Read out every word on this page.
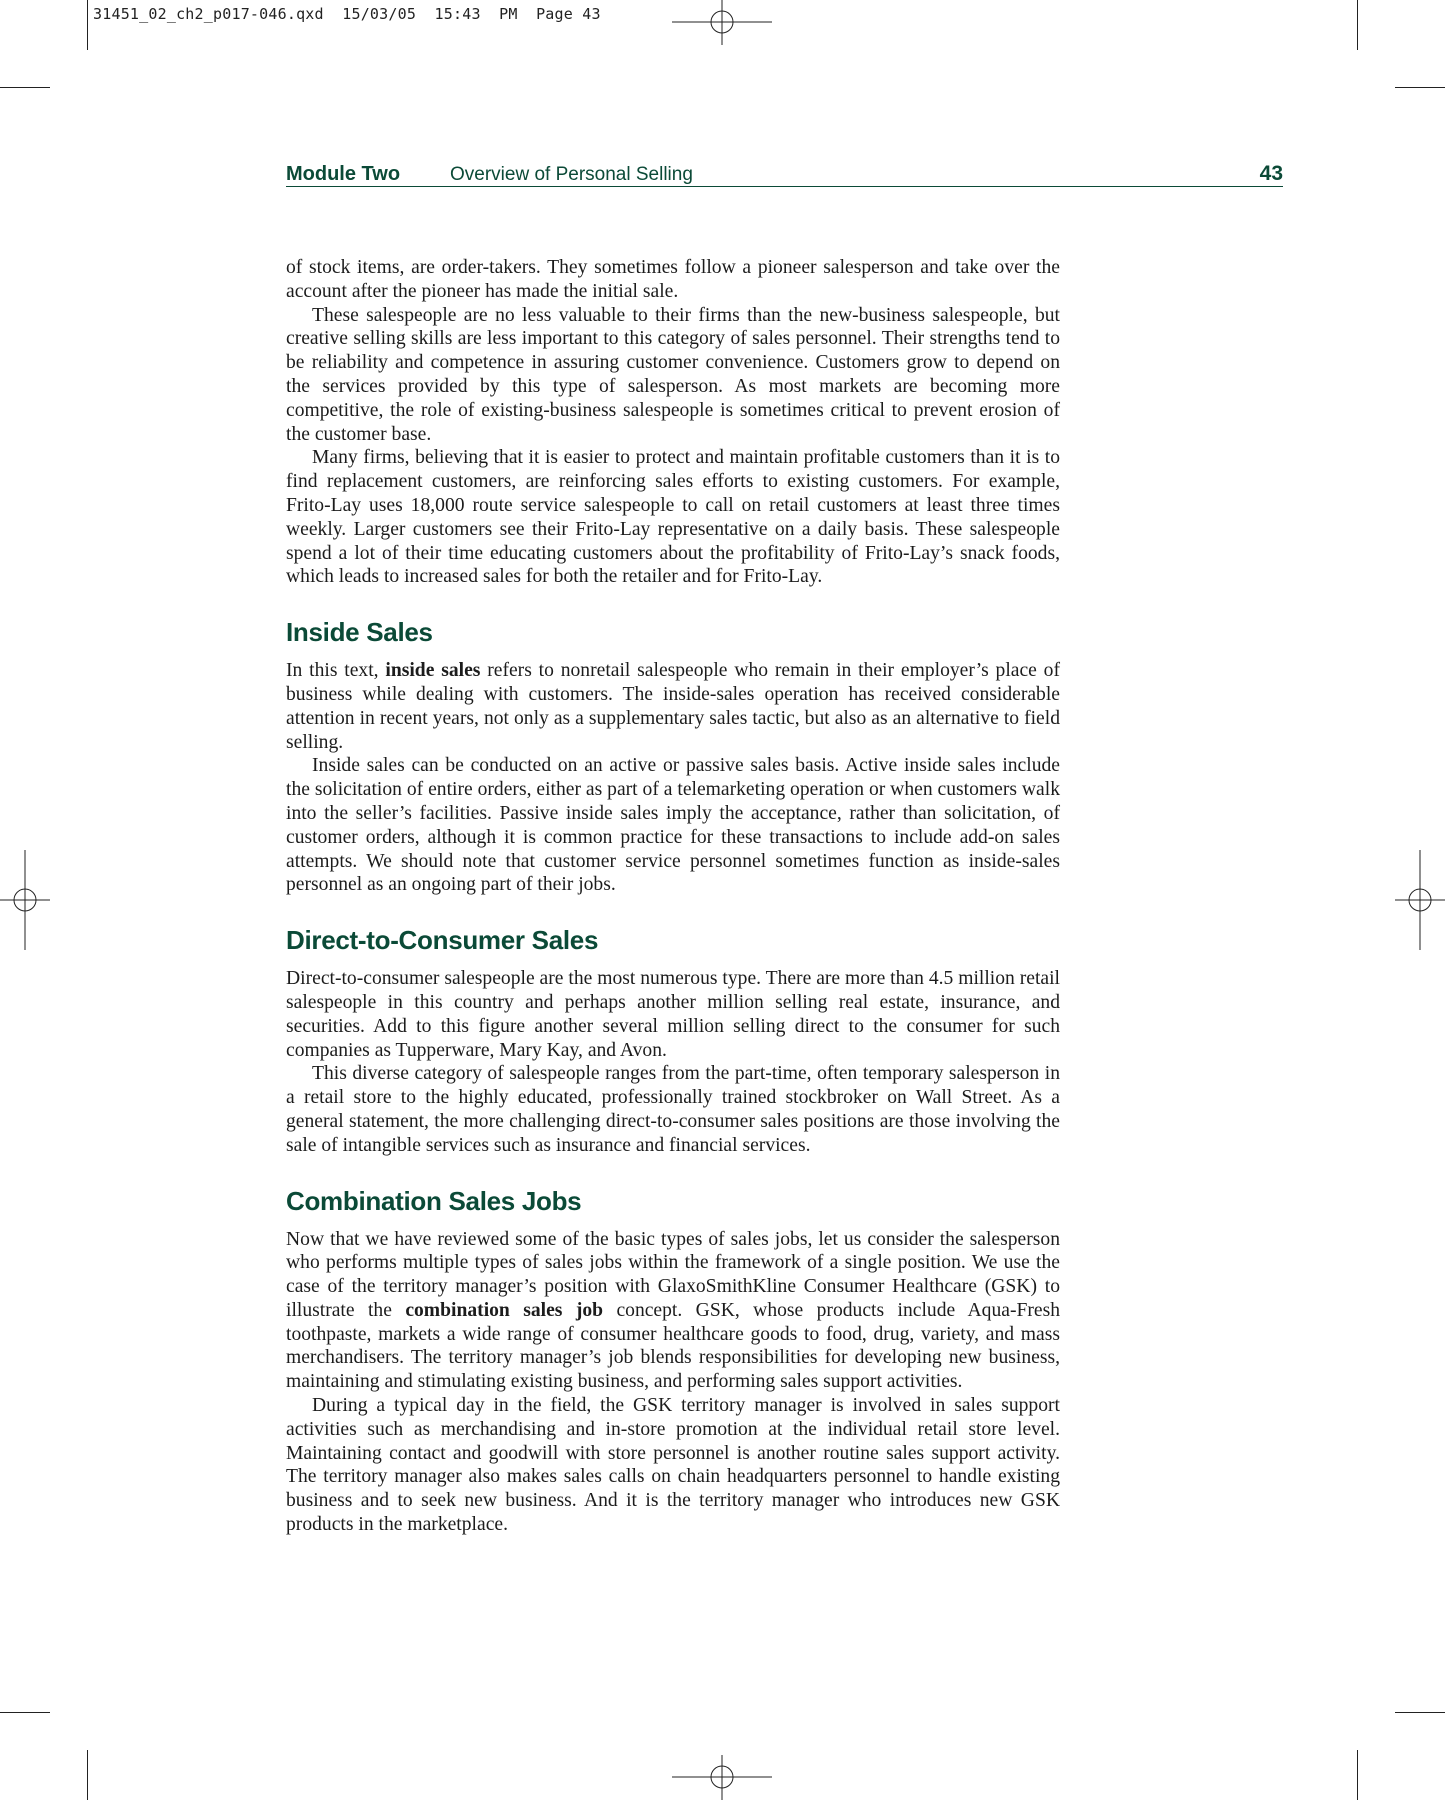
31451_02_ch2_p017-046.qxd  15/03/05  15:43  PM  Page 43
Module Two	Overview of Personal Selling	43

of stock items, are order-takers. They sometimes follow a pioneer salesperson and take over the account after the pioneer has made the initial sale.

These salespeople are no less valuable to their firms than the new-business salespeople, but creative selling skills are less important to this category of sales personnel. Their strengths tend to be reliability and competence in assuring customer convenience. Customers grow to depend on the services provided by this type of salesperson. As most markets are becoming more competitive, the role of existing-business salespeople is sometimes critical to prevent erosion of the customer base.

Many firms, believing that it is easier to protect and maintain profitable customers than it is to find replacement customers, are reinforcing sales efforts to existing customers. For example, Frito-Lay uses 18,000 route service salespeople to call on retail customers at least three times weekly. Larger customers see their Frito-Lay representative on a daily basis. These salespeople spend a lot of their time educating customers about the profitability of Frito-Lay’s snack foods, which leads to increased sales for both the retailer and for Frito-Lay.

Inside Sales

In this text, inside sales refers to nonretail salespeople who remain in their employer’s place of business while dealing with customers. The inside-sales operation has received considerable attention in recent years, not only as a supplementary sales tactic, but also as an alternative to field selling.

Inside sales can be conducted on an active or passive sales basis. Active inside sales include the solicitation of entire orders, either as part of a telemarketing operation or when customers walk into the seller’s facilities. Passive inside sales imply the acceptance, rather than solicitation, of customer orders, although it is common practice for these transactions to include add-on sales attempts. We should note that customer service personnel sometimes function as inside-sales personnel as an ongoing part of their jobs.

Direct-to-Consumer Sales

Direct-to-consumer salespeople are the most numerous type. There are more than 4.5 million retail salespeople in this country and perhaps another million selling real estate, insurance, and securities. Add to this figure another several million selling direct to the consumer for such companies as Tupperware, Mary Kay, and Avon.

This diverse category of salespeople ranges from the part-time, often temporary salesperson in a retail store to the highly educated, professionally trained stockbroker on Wall Street. As a general statement, the more challenging direct-to-consumer sales positions are those involving the sale of intangible services such as insurance and financial services.

Combination Sales Jobs

Now that we have reviewed some of the basic types of sales jobs, let us consider the salesperson who performs multiple types of sales jobs within the framework of a single position. We use the case of the territory manager’s position with GlaxoSmithKline Consumer Healthcare (GSK) to illustrate the combination sales job concept. GSK, whose products include Aqua-Fresh toothpaste, markets a wide range of consumer healthcare goods to food, drug, variety, and mass merchandisers. The territory manager’s job blends responsibilities for developing new business, maintaining and stimulating existing business, and performing sales support activities.

During a typical day in the field, the GSK territory manager is involved in sales support activities such as merchandising and in-store promotion at the individual retail store level. Maintaining contact and goodwill with store personnel is another routine sales support activity. The territory manager also makes sales calls on chain headquarters personnel to handle existing business and to seek new business. And it is the territory manager who introduces new GSK products in the marketplace.
